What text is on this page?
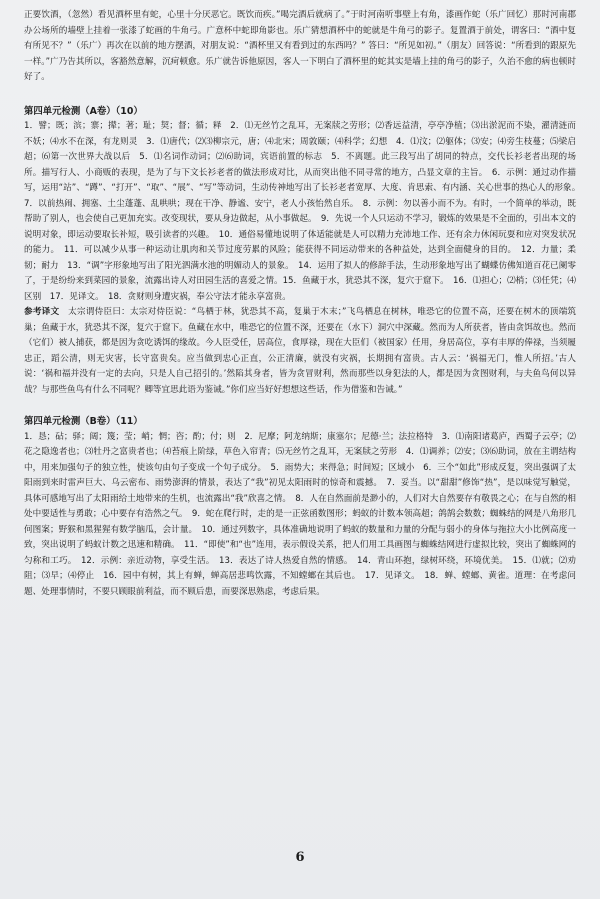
正要饮酒，（忽然）看见酒杯里有蛇，心里十分厌恶它。既饮而疾。”喝完酒后就病了。”于时河南听事壁上有角，漆画作蛇（乐广回忆）那时河南郡办公场所的墙壁上挂着一张漆了蛇画的牛角弓。广意杯中蛇即角影也。乐广猜想酒杯中的蛇就是牛角弓的影子。复置酒于前处，谓客曰：“酒中复有所见不？”（乐广）再次在以前的地方摆酒，对朋友说：“酒杯里又有看到过的东西吗？” 答曰：“所见如初。”（朋友）回答说：“所看到的跟原先一样。”广乃告其所以，客豁然意解，沉疴顿愈。乐广就告诉他原因，客人一下明白了酒杯里的蛇其实是墙上挂的角弓的影子，久治不愈的病也顿时好了。

第四单元检测（A卷）（10）

1．譬；既；滨；寨；撵；著；耻；契；督；循；释　2．⑴无丝竹之乱耳，无案牍之劳形；⑵香远益清，亭亭净植；⑶出淤泥而不染，濯清涟而不妖；⑷水不在深，有龙则灵　3．⑴唐代；⑵⑶柳宗元，唐；⑷北宋；周敦颐；⑷科学；幻想　4．⑴汶；⑵躯体；⑶安；⑷旁生枝蔓；⑸梁启超；⑹第一次世界大战以后　5．⑴名词作动词；⑵⑹助词，宾语前置的标志　5．不离题。此三段写出了胡同的特点，交代长衫老者出现的场所。描写行人、小商贩的表现，是为了与下文长衫老者的做法形成对比，从而突出他不同寻常的地方，凸显文章的主旨。　6．示例：通过动作描写，运用“站”、“蹲”、“打开”、“取”、“展”、“写”等动词，生动传神地写出了长衫老者宽厚、大度、肯思索、有内涵、关心世事的热心人的形象。　7．以前热闹、拥塞、土尘蓬蓬、乱哄哄；现在干净、静谧、安宁，老人小孩怡然自乐。　8．示例：勿以善小而不为。有时，一个简单的举动，既帮助了别人，也会使自己更加充实。改变现状，要从身边做起，从小事做起。　9．先说一个人只运动不学习，锻炼的效果是不全面的，引出本文的说明对象，即运动要取长补短，吸引读者的兴趣。　10．通俗易懂地说明了体适能就是人可以精力充沛地工作、还有余力休闲玩耍和应对突发状况的能力。　11．可以减少从事一种运动让肌肉和关节过度劳累的风险；能获得不同运动带来的各种益处，达到全面健身的目的。　12．力量；柔韧；耐力　13．“调”字形象地写出了阳光泗满水池的明媚动人的景象。　14．运用了拟人的修辞手法，生动形象地写出了蝴蝶仿佛知道百花已阑零了，于是纷纷来到菜园的景象，流露出诗人对田园生活的喜爱之情。15．鱼藏于水，犹恐其不深，复穴于窟下。　16．⑴担心；⑵梢；⑶任凭；⑷区别　17．见译文。　18．贪财则身遭灾祸，奉公守法才能永享富贵。

参考译文　 太宗谓侍臣曰：太宗对侍臣说：“鸟栖于林，犹恐其不高，复巢于木末；”飞鸟栖息在树林，唯恐它的位置不高，还要在树木的顶端筑巢；鱼藏于水，犹恐其不深，复穴于窟下。鱼藏在水中，唯恐它的位置不深，还要在（水下）洞穴中深藏。然而为人所获者，皆由贪饵故也。然而（它们）被人捕获，都是因为贪吃诱饵的缘故。今人臣受任，居高位，食厚禄，现在大臣们（被国家）任用，身居高位，享有丰厚的俸禄，当须履忠正，蹈公清，则无灾害，长守富贵矣。应当做到忠心正直，公正清廉，就没有灾祸，长期拥有富贵。古人云：‘祸福无门，惟人所招。’古人说：‘祸和福并没有一定的去向，只是人自己招引的。’然陷其身者，皆为贪冒财利，然而那些以身犯法的人，都是因为贪图财利，与夫鱼鸟何以异哉？与那些鱼鸟有什么不同呢？卿等宜思此语为鉴诫。”你们应当好好想想这些话，作为借鉴和告诫。”

第四单元检测（B卷）（11）

1．恳；砧；驿；阔；篾；莹；峭；惘；咨；酌；付；则　2．尼摩；阿龙纳斯；康塞尔；尼德·兰；法拉格特　3．⑴南阳诸葛庐，西蜀子云亭；⑵花之隐逸者也；⑶牡丹之富贵者也；⑷苔痕上阶绿，草色入帘青；⑸无丝竹之乱耳，无案牍之劳形　4．⑴调养；⑵安；⑶⑹助词，放在主谓结构中，用来加强句子的独立性，使该句由句子变成一个句子成分。　5．雨势大；来得急；时间短；区域小　6．三个“如此”形成反复，突出强调了太阳雨到来时雷声巨大、乌云密布、雨势澎湃的情景，表达了“我”初见太阳雨时的惊奇和震撼。　7．妥当。以“甜甜”修饰“热”，是以味觉写触觉，具体可感地写出了太阳雨给土地带来的生机，也流露出“我”欣喜之情。　8．人在自然面前是渺小的，人们对大自然要存有敬畏之心；在与自然的相处中要适性与勇敢；心中要存有浩然之气。　9．蛇在爬行时，走的是一正弦函数图形；蚂蚁的计数本领高超；鸽鹄会数数；蜘蛛结的网是八角形几何图案；野猴和黑猩猩有数学脑瓜，会计量。　10．通过列数字，具体准确地说明了蚂蚁的数量和力量的分配与弱小的身体与拖拉大小比例高度一致，突出说明了蚂蚁计数之迅速和精确。　11．“即使”和“也”连用，表示假设关系，把人们用工具画图与蜘蛛结网进行虚拟比较，突出了蜘蛛网的匀称和工巧。　12．示例：亲近动物，享受生活。　13．表达了诗人热爱自然的情感。　14．青山环抱，绿树环绕，环境优美。　15．⑴就；⑵劝阻；⑶早；⑷停止　16．园中有树，其上有蝉，蝉高居悲鸣饮露，不知螳螂在其后也。　17．见译文。　18．蝉、螳螂、黄雀。道理：在考虑问题、处理事情时，不要只顾眼前利益，而不顾后患，而要深思熟虑，考虑后果。

6
